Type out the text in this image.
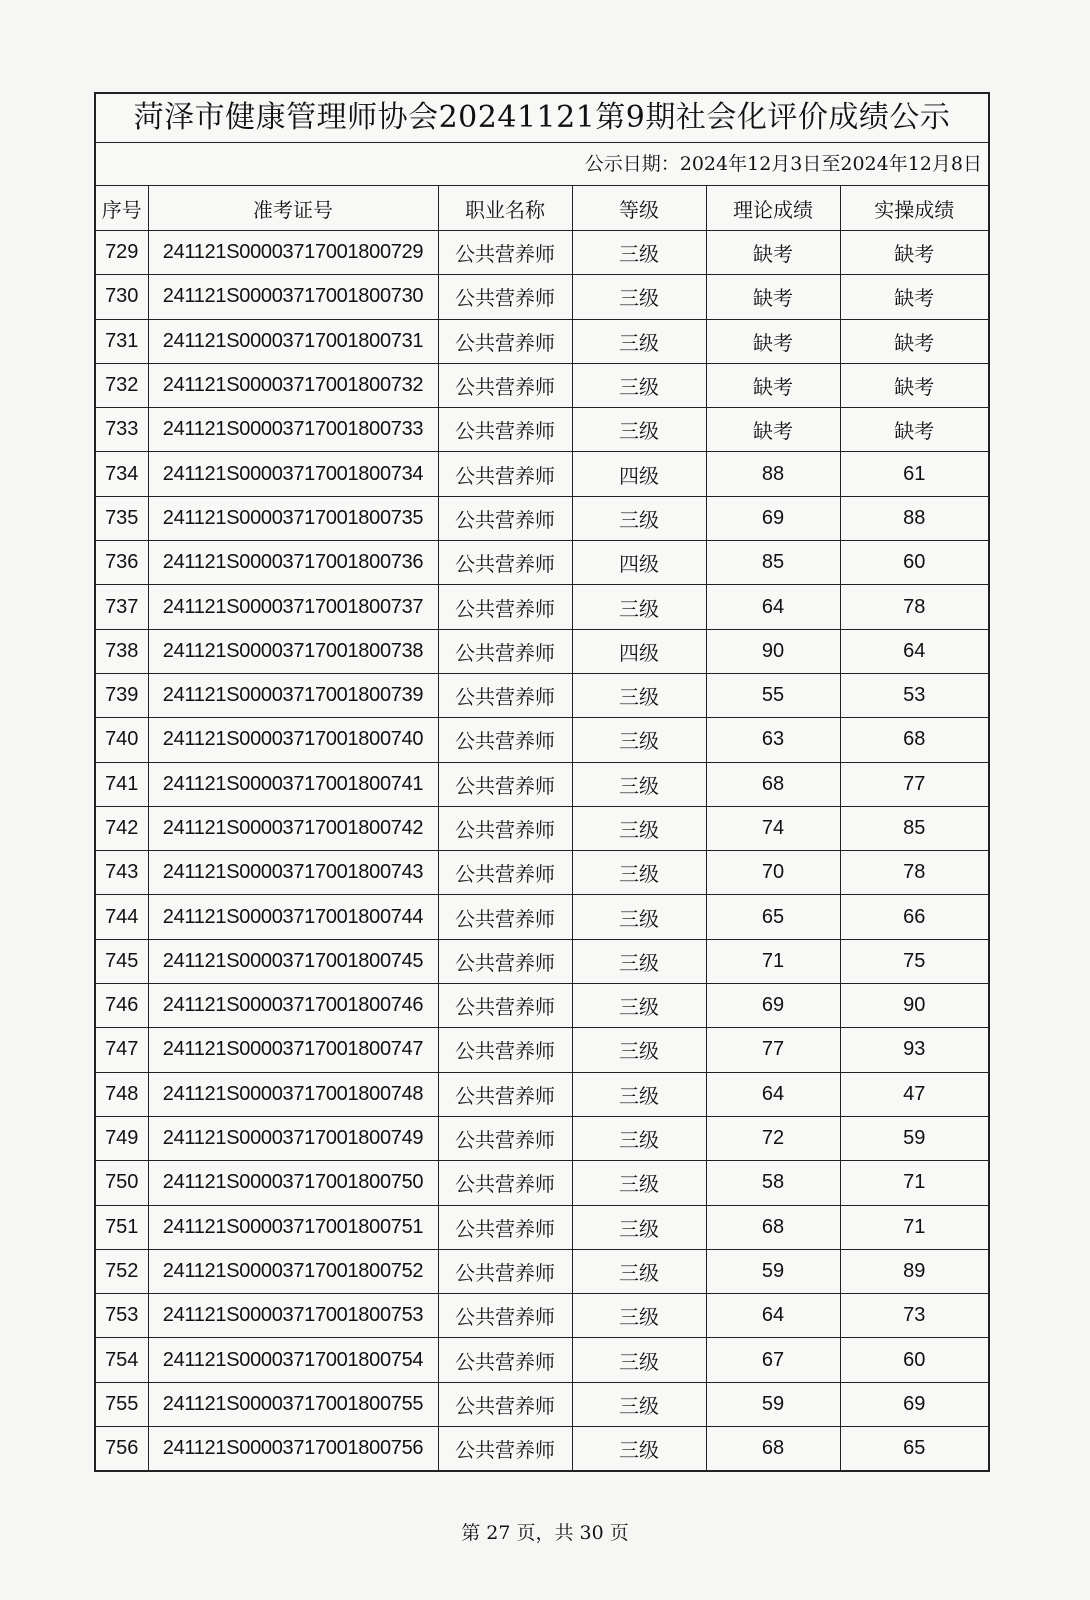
菏泽市健康管理师协会20241121第9期社会化评价成绩公示
公示日期：2024年12月3日至2024年12月8日
序号	准考证号	职业名称	等级	理论成绩	实操成绩
729	241121S00003717001800729	公共营养师	三级	缺考	缺考
730	241121S00003717001800730	公共营养师	三级	缺考	缺考
731	241121S00003717001800731	公共营养师	三级	缺考	缺考
732	241121S00003717001800732	公共营养师	三级	缺考	缺考
733	241121S00003717001800733	公共营养师	三级	缺考	缺考
734	241121S00003717001800734	公共营养师	四级	88	61
735	241121S00003717001800735	公共营养师	三级	69	88
736	241121S00003717001800736	公共营养师	四级	85	60
737	241121S00003717001800737	公共营养师	三级	64	78
738	241121S00003717001800738	公共营养师	四级	90	64
739	241121S00003717001800739	公共营养师	三级	55	53
740	241121S00003717001800740	公共营养师	三级	63	68
741	241121S00003717001800741	公共营养师	三级	68	77
742	241121S00003717001800742	公共营养师	三级	74	85
743	241121S00003717001800743	公共营养师	三级	70	78
744	241121S00003717001800744	公共营养师	三级	65	66
745	241121S00003717001800745	公共营养师	三级	71	75
746	241121S00003717001800746	公共营养师	三级	69	90
747	241121S00003717001800747	公共营养师	三级	77	93
748	241121S00003717001800748	公共营养师	三级	64	47
749	241121S00003717001800749	公共营养师	三级	72	59
750	241121S00003717001800750	公共营养师	三级	58	71
751	241121S00003717001800751	公共营养师	三级	68	71
752	241121S00003717001800752	公共营养师	三级	59	89
753	241121S00003717001800753	公共营养师	三级	64	73
754	241121S00003717001800754	公共营养师	三级	67	60
755	241121S00003717001800755	公共营养师	三级	59	69
756	241121S00003717001800756	公共营养师	三级	68	65
第 27 页，共 30 页
